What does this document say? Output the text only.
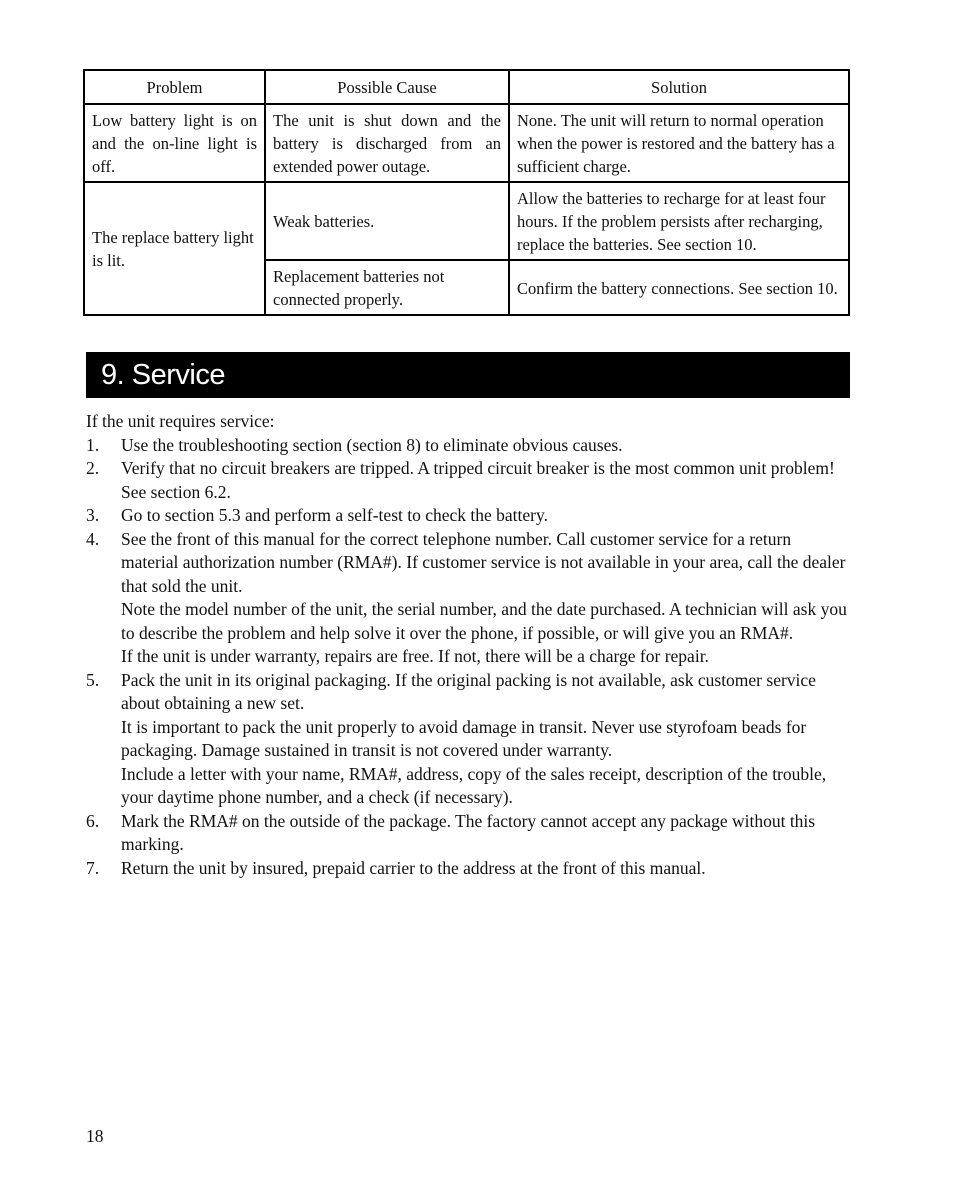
Problem	Possible Cause	Solution
Low battery light is on and the on-line light is off.	The unit is shut down and the battery is discharged from an extended power outage.	None. The unit will return to normal operation when the power is restored and the battery has a sufficient charge.
The replace battery light is lit.	Weak batteries.	Allow the batteries to recharge for at least four hours. If the problem persists after recharging, replace the batteries. See section 10.
	Replacement batteries not connected properly.	Confirm the battery connections. See section 10.
9. Service

If the unit requires service:

1. Use the troubleshooting section (section 8) to eliminate obvious causes.
2. Verify that no circuit breakers are tripped. A tripped circuit breaker is the most common unit problem! See section 6.2.
3. Go to section 5.3 and perform a self-test to check the battery.
4. See the front of this manual for the correct telephone number. Call customer service for a return material authorization number (RMA#). If customer service is not available in your area, call the dealer that sold the unit.

Note the model number of the unit, the serial number, and the date purchased. A technician will ask you to describe the problem and help solve it over the phone, if possible, or will give you an RMA#.

If the unit is under warranty, repairs are free. If not, there will be a charge for repair.

5. Pack the unit in its original packaging. If the original packing is not available, ask customer service about obtaining a new set.

It is important to pack the unit properly to avoid damage in transit. Never use styrofoam beads for packaging. Damage sustained in transit is not covered under warranty.

Include a letter with your name, RMA#, address, copy of the sales receipt, description of the trouble, your daytime phone number, and a check (if necessary).

6. Mark the RMA# on the outside of the package. The factory cannot accept any package without this marking.
7. Return the unit by insured, prepaid carrier to the address at the front of this manual.
18
